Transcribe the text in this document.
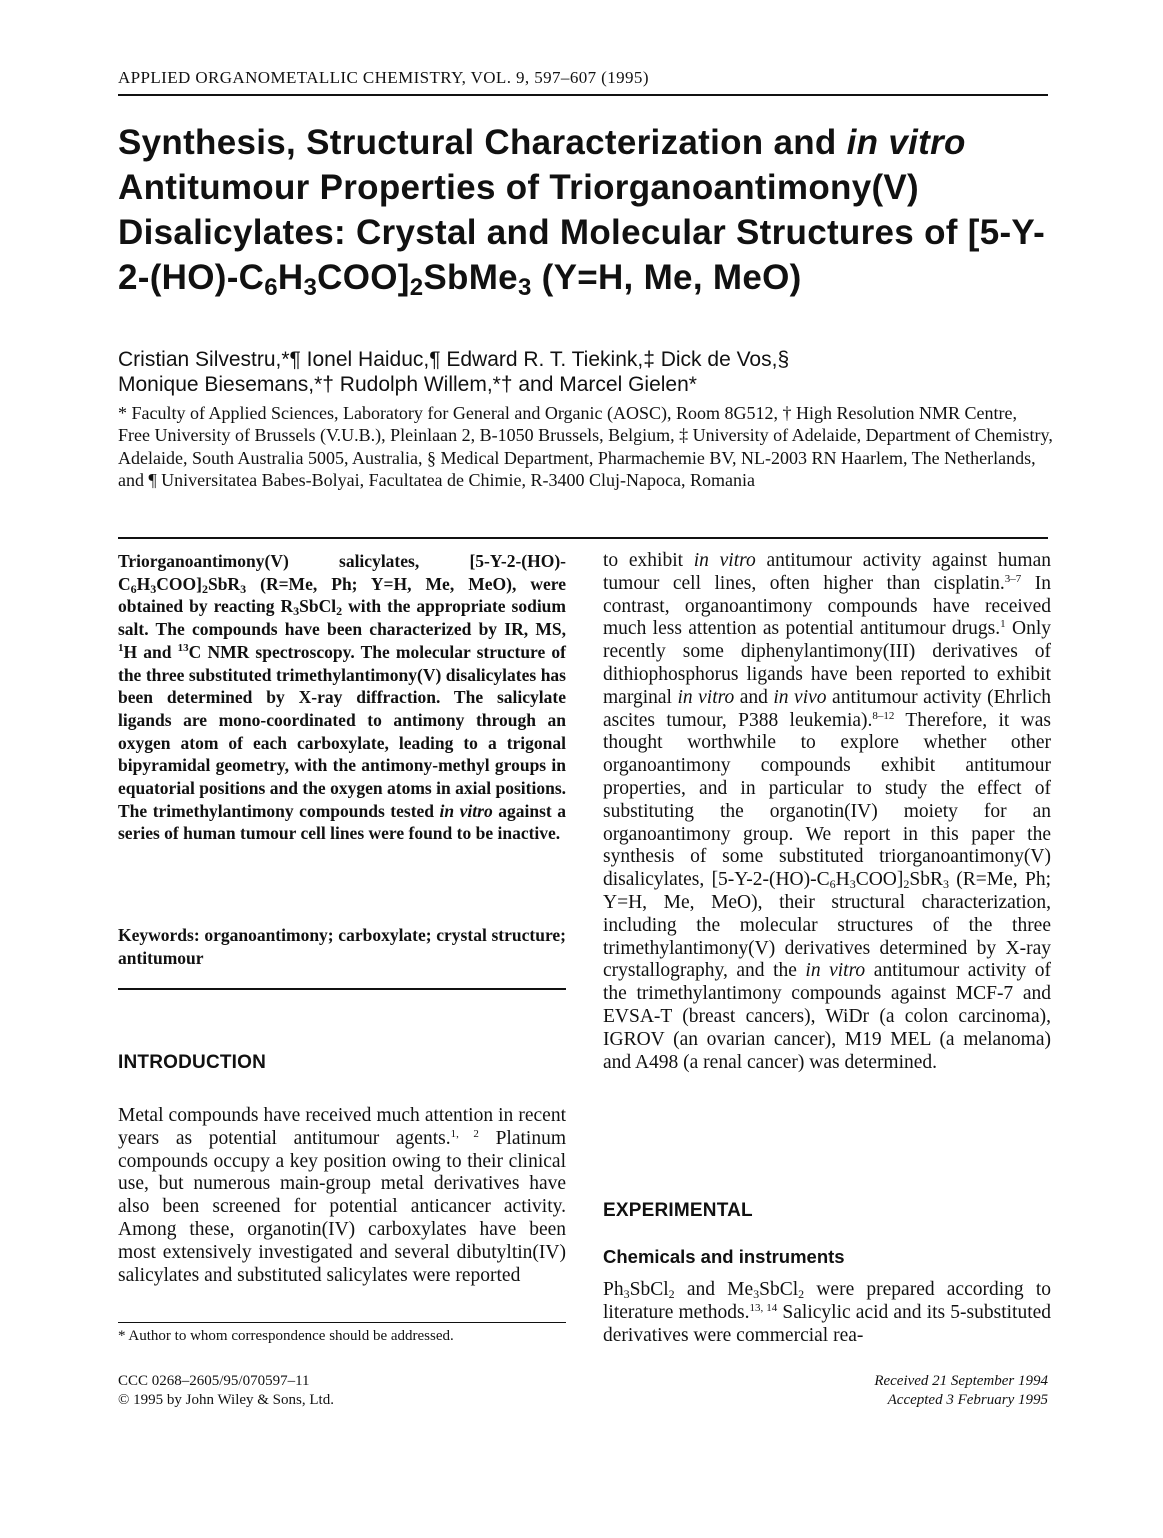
APPLIED ORGANOMETALLIC CHEMISTRY, VOL. 9, 597–607 (1995)
Synthesis, Structural Characterization and in vitro Antitumour Properties of Triorganoantimony(V) Disalicylates: Crystal and Molecular Structures of $[5-Y-2-(HO)-C_6H_3COO]_2SbMe_3$ (Y=H, Me, MeO)
Cristian Silvestru,*¶ Ionel Haiduc,¶ Edward R. T. Tiekink,‡ Dick de Vos,§
Monique Biesemans,*† Rudolph Willem,*† and Marcel Gielen*
* Faculty of Applied Sciences, Laboratory for General and Organic (AOSC), Room 8G512, † High Resolution NMR Centre, Free University of Brussels (V.U.B.), Pleinlaan 2, B-1050 Brussels, Belgium, ‡ University of Adelaide, Department of Chemistry, Adelaide, South Australia 5005, Australia, § Medical Department, Pharmachemie BV, NL-2003 RN Haarlem, The Netherlands, and ¶ Universitatea Babes-Bolyai, Facultatea de Chimie, R-3400 Cluj-Napoca, Romania
Triorganoantimony(V) salicylates, $[5-Y-2-(HO)-C_6H_3COO]_2SbR_3$ (R=Me, Ph; Y=H, Me, MeO), were obtained by reacting $R_3SbCl_2$ with the appropriate sodium salt. The compounds have been characterized by IR, MS, $^1$H and $^{13}$C NMR spectroscopy. The molecular structure of the three substituted trimethylantimony(V) disalicylates has been determined by X-ray diffraction. The salicylate ligands are mono-coordinated to antimony through an oxygen atom of each carboxylate, leading to a trigonal bipyramidal geometry, with the antimony-methyl groups in equatorial positions and the oxygen atoms in axial positions. The trimethylantimony compounds tested in vitro against a series of human tumour cell lines were found to be inactive.
Keywords: organoantimony; carboxylate; crystal structure; antitumour
INTRODUCTION
Metal compounds have received much attention in recent years as potential antitumour agents.$^{1, 2}$ Platinum compounds occupy a key position owing to their clinical use, but numerous main-group metal derivatives have also been screened for potential anticancer activity. Among these, organotin(IV) carboxylates have been most extensively investigated and several dibutyltin(IV) salicylates and substituted salicylates were reported
* Author to whom correspondence should be addressed.
to exhibit in vitro antitumour activity against human tumour cell lines, often higher than cisplatin.$^{3-7}$ In contrast, organoantimony compounds have received much less attention as potential antitumour drugs.$^1$ Only recently some diphenylantimony(III) derivatives of dithiophosphorus ligands have been reported to exhibit marginal in vitro and in vivo antitumour activity (Ehrlich ascites tumour, P388 leukemia).$^{8-12}$ Therefore, it was thought worthwhile to explore whether other organoantimony compounds exhibit antitumour properties, and in particular to study the effect of substituting the organotin(IV) moiety for an organoantimony group. We report in this paper the synthesis of some substituted triorganoantimony(V) disalicylates, $[5-Y-2-(HO)-C_6H_3COO]_2SbR_3$ (R=Me, Ph; Y=H, Me, MeO), their structural characterization, including the molecular structures of the three trimethylantimony(V) derivatives determined by X-ray crystallography, and the in vitro antitumour activity of the trimethylantimony compounds against MCF-7 and EVSA-T (breast cancers), WiDr (a colon carcinoma), IGROV (an ovarian cancer), M19 MEL (a melanoma) and A498 (a renal cancer) was determined.
EXPERIMENTAL
Chemicals and instruments
$Ph_3SbCl_2$ and $Me_3SbCl_2$ were prepared according to literature methods.$^{13, 14}$ Salicylic acid and its 5-substituted derivatives were commercial rea-
CCC 0268–2605/95/070597–11
© 1995 by John Wiley & Sons, Ltd.
Received 21 September 1994
Accepted 3 February 1995
